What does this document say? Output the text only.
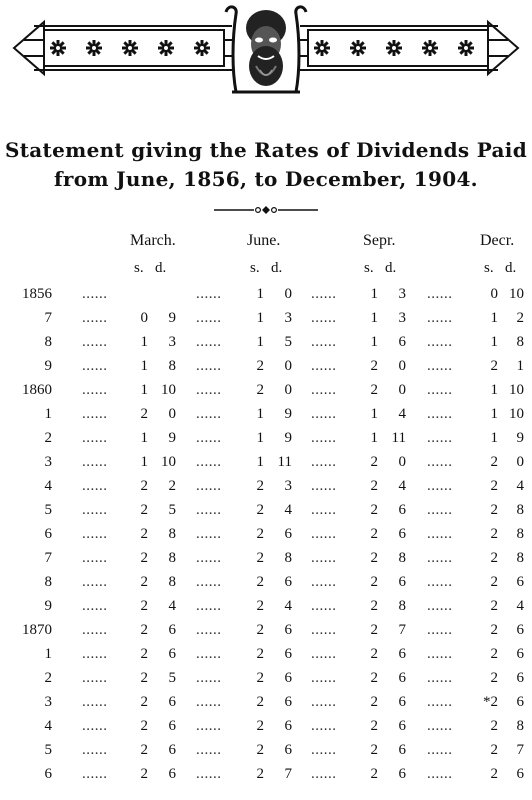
Statement giving the Rates of Dividends Paid
from June, 1856, to December, 1904.
March.	June.	Sepr.	Decr.
s. d.	s. d.	s. d.	s. d.
1856 ......	......	1	0 ......	1	3 ......	0 10
7 ......	0	9 ......	1	3 ......	1	3 ......	1	2
8 ......	1	3 ......	1	5 ......	1	6 ......	1	8
9 ......	1	8 ......	2	0 ......	2	0 ......	2	1
1860 ......	1 10 ......	2	0 ......	2	0 ......	1 10
1 ......	2	0 ......	1	9 ......	1	4 ......	1 10
2 ......	1	9 ......	1	9 ......	1 11 ......	1	9
3 ......	1 10 ......	1 11 ......	2	0 ......	2	0
4 ......	2	2 ......	2	3 ......	2	4 ......	2	4
5 ......	2	5 ......	2	4 ......	2	6 ......	2	8
6 ......	2	8 ......	2	6 ......	2	6 ......	2	8
7 ......	2	8 ......	2	8 ......	2	8 ......	2	8
8 ......	2	8 ......	2	6 ......	2	6 ......	2	6
9 ......	2	4 ......	2	4 ......	2	8 ......	2	4
1870 ......	2	6 ......	2	6 ......	2	7 ......	2	6
1 ......	2	6 ......	2	6 ......	2	6 ......	2	6
2 ......	2	5 ......	2	6 ......	2	6 ......	2	6
3 ......	2	6 ......	2	6 ......	2	6 ......	*2	6
4 ......	2	6 ......	2	6 ......	2	6 ......	2	8
5 ......	2	6 ......	2	6 ......	2	6 ......	2	7
6 ......	2	6 ......	2	7 ......	2	6 ......	2	6
